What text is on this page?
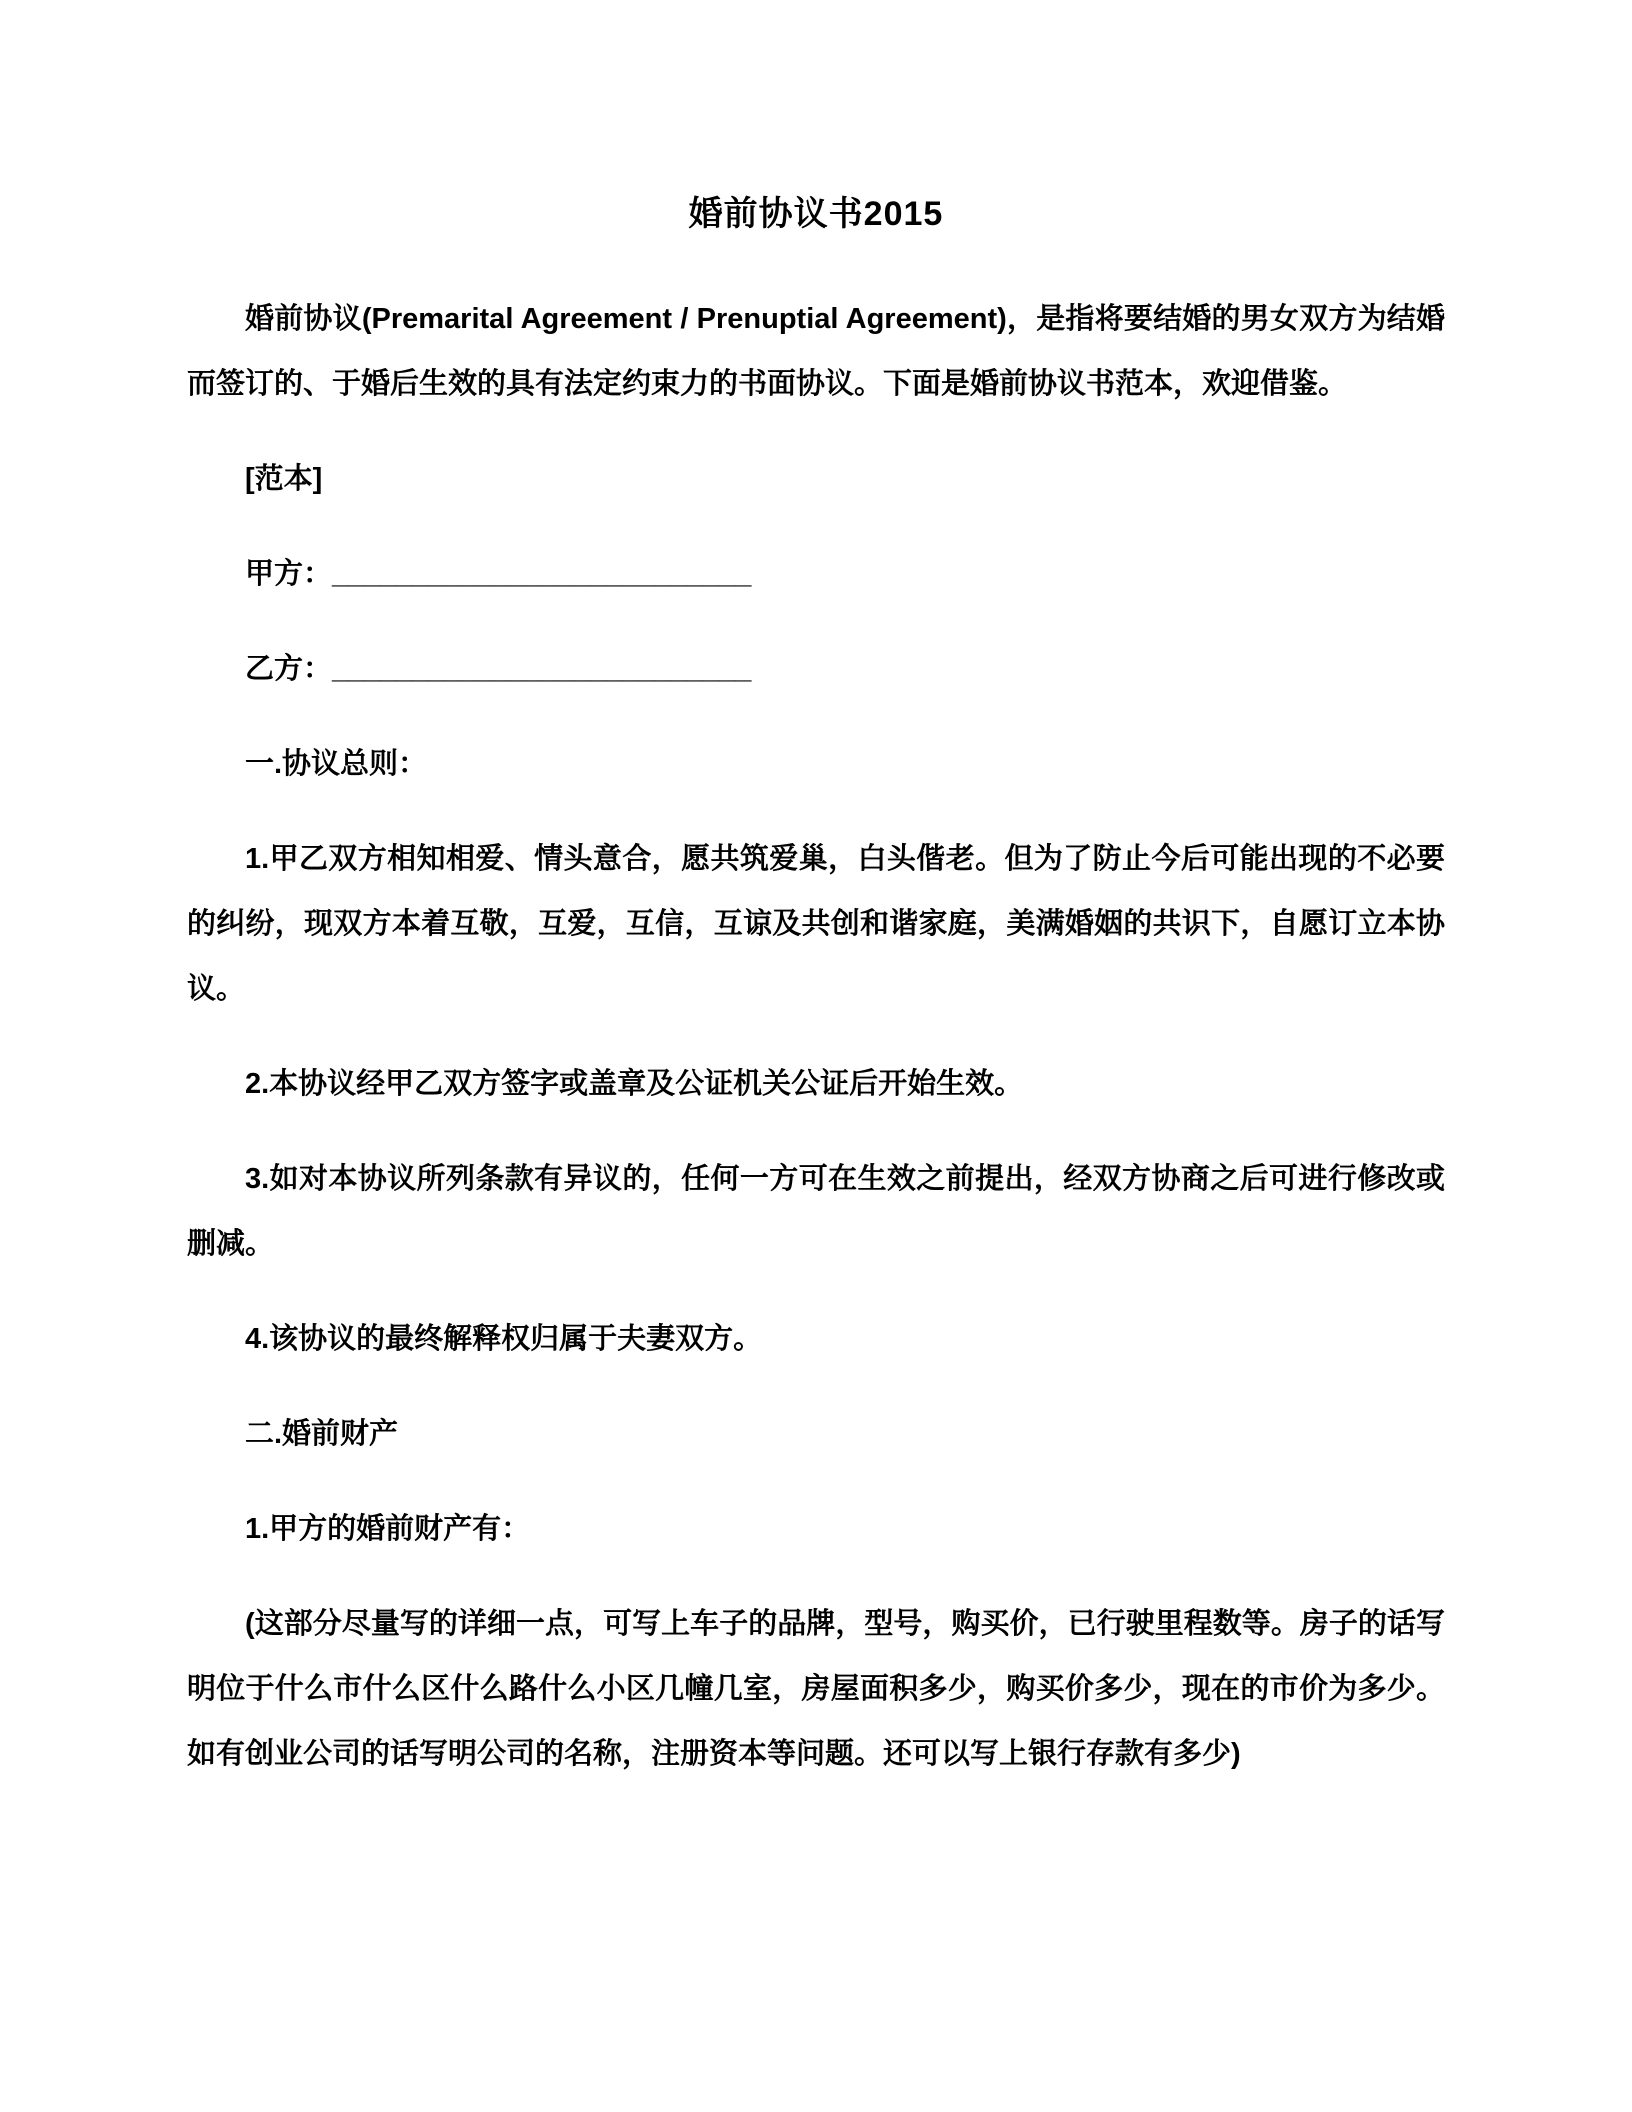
婚前协议书2015

婚前协议(Premarital Agreement / Prenuptial Agreement)，是指将要结婚的男女双方为结婚而签订的、于婚后生效的具有法定约束力的书面协议。下面是婚前协议书范本，欢迎借鉴。

[范本]

甲方：__________________________

乙方：__________________________

一.协议总则：

1.甲乙双方相知相爱、情头意合，愿共筑爱巢，白头偕老。但为了防止今后可能出现的不必要的纠纷，现双方本着互敬，互爱，互信，互谅及共创和谐家庭，美满婚姻的共识下，自愿订立本协议。

2.本协议经甲乙双方签字或盖章及公证机关公证后开始生效。

3.如对本协议所列条款有异议的，任何一方可在生效之前提出，经双方协商之后可进行修改或删减。

4.该协议的最终解释权归属于夫妻双方。

二.婚前财产

1.甲方的婚前财产有：

(这部分尽量写的详细一点，可写上车子的品牌，型号，购买价，已行驶里程数等。房子的话写明位于什么市什么区什么路什么小区几幢几室，房屋面积多少，购买价多少，现在的市价为多少。如有创业公司的话写明公司的名称，注册资本等问题。还可以写上银行存款有多少)
